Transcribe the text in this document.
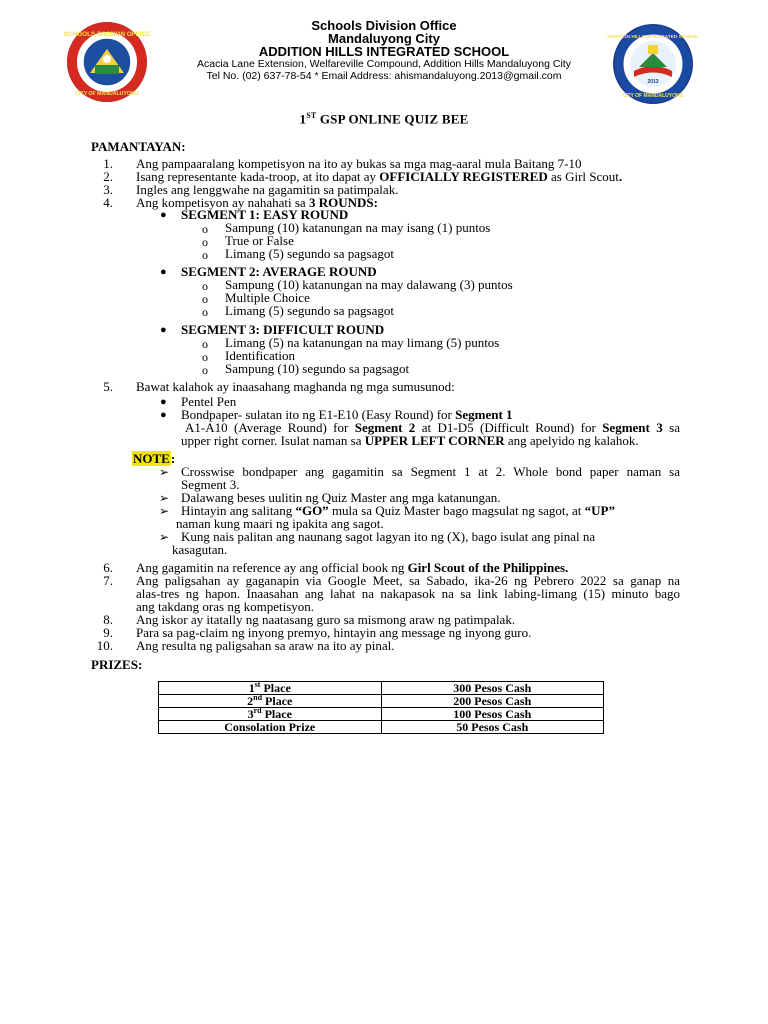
SCHOOLS DIVISION OFFICE
CITY OF MANDALUYONG
ADDITION HILLS INTEGRATED SCHOOL
2013
CITY OF MANDALUYONG
Schools Division Office
Mandaluyong City
ADDITION HILLS INTEGRATED SCHOOL
Acacia Lane Extension, Welfareville Compound, Addition Hills Mandaluyong City
Tel No. (02) 637-78-54 * Email Address: ahismandaluyong.2013@gmail.com
1ST GSP ONLINE QUIZ BEE
PAMANTAYAN:
1. Ang pampaaralang kompetisyon na ito ay bukas sa mga mag-aaral mula Baitang 7-10
2. Isang representante kada-troop, at ito dapat ay OFFICIALLY REGISTERED as Girl Scout.
3. Ingles ang lenggwahe na gagamitin sa patimpalak.
4. Ang kompetisyon ay nahahati sa 3 ROUNDS:
● SEGMENT 1: EASY ROUND
o Sampung (10) katanungan na may isang (1) puntos
o True or False
o Limang (5) segundo sa pagsagot
● SEGMENT 2: AVERAGE ROUND
o Sampung (10) katanungan na may dalawang (3) puntos
o Multiple Choice
o Limang (5) segundo sa pagsagot
● SEGMENT 3: DIFFICULT ROUND
o Limang (5) na katanungan na may limang (5) puntos
o Identification
o Sampung (10) segundo sa pagsagot
5. Bawat kalahok ay inaasahang maghanda ng mga sumusunod:
● Pentel Pen
● Bondpaper- sulatan ito ng E1-E10 (Easy Round) for Segment 1
A1-A10 (Average Round) for Segment 2 at D1-D5 (Difficult Round) for Segment 3 sa
upper right corner. Isulat naman sa UPPER LEFT CORNER ang apelyido ng kalahok.
NOTE:
➢ Crosswise bondpaper ang gagamitin sa Segment 1 at 2. Whole bond paper naman sa
Segment 3.
➢ Dalawang beses uulitin ng Quiz Master ang mga katanungan.
➢ Hintayin ang salitang “GO” mula sa Quiz Master bago magsulat ng sagot, at “UP”
naman kung maari ng ipakita ang sagot.
➢ Kung nais palitan ang naunang sagot lagyan ito ng (X), bago isulat ang pinal na
kasagutan.
6. Ang gagamitin na reference ay ang official book ng Girl Scout of the Philippines.
7. Ang paligsahan ay gaganapin via Google Meet, sa Sabado, ika-26 ng Pebrero 2022 sa ganap na
alas-tres ng hapon. Inaasahan ang lahat na nakapasok na sa link labing-limang (15) minuto bago
ang takdang oras ng kompetisyon.
8. Ang iskor ay itatally ng naatasang guro sa mismong araw ng patimpalak.
9. Para sa pag-claim ng inyong premyo, hintayin ang message ng inyong guro.
10. Ang resulta ng paligsahan sa araw na ito ay pinal.
PRIZES:
1st Place	300 Pesos Cash
2nd Place	200 Pesos Cash
3rd Place	100 Pesos Cash
Consolation Prize	50 Pesos Cash
